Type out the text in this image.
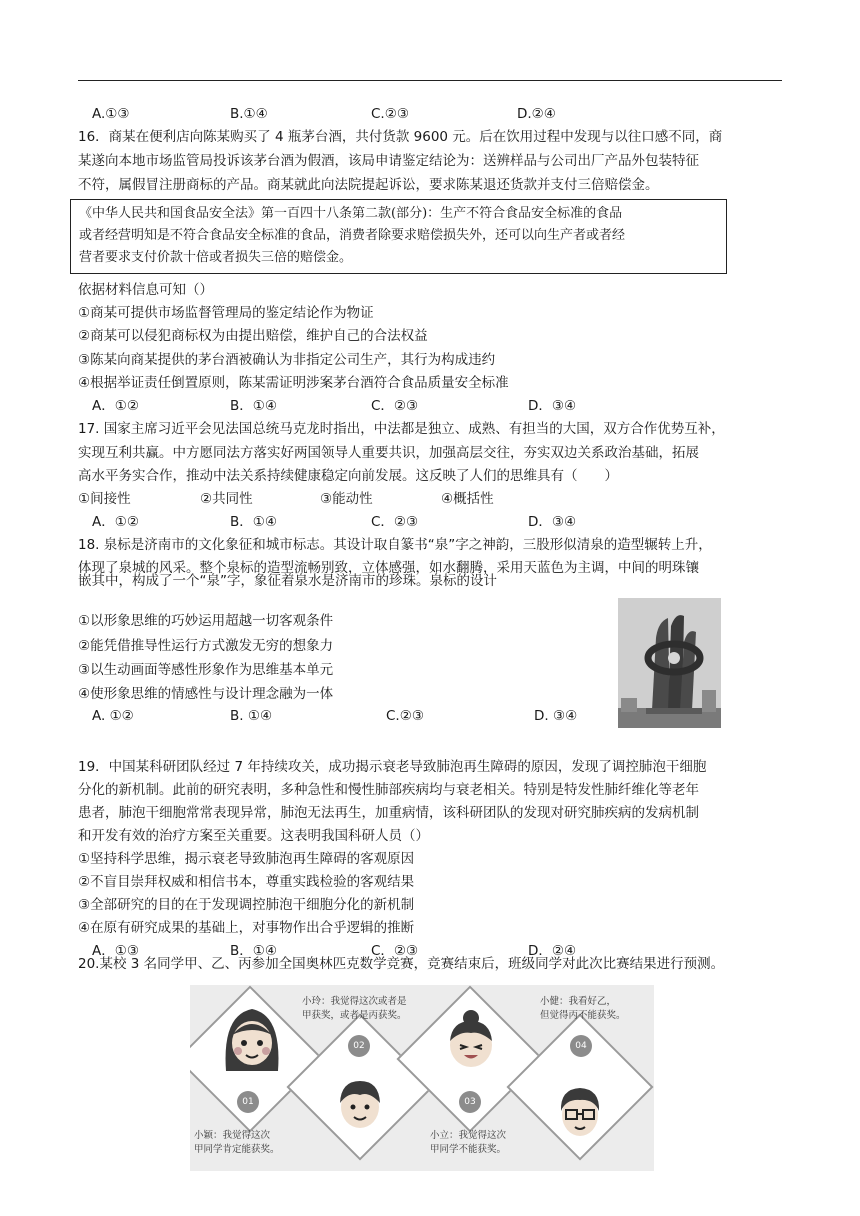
A.①③	B.①④	C.②③	D.②④
16．商某在便利店向陈某购买了 4 瓶茅台酒，共付货款 9600 元。后在饮用过程中发现与以往口感不同，商
某遂向本地市场监管局投诉该茅台酒为假酒，该局申请鉴定结论为：送辨样品与公司出厂产品外包装特征
不符，属假冒注册商标的产品。商某就此向法院提起诉讼，要求陈某退还货款并支付三倍赔偿金。
《中华人民共和国食品安全法》第一百四十八条第二款(部分)：生产不符合食品安全标准的食品
或者经营明知是不符合食品安全标准的食品，消费者除要求赔偿损失外，还可以向生产者或者经
营者要求支付价款十倍或者损失三倍的赔偿金。
依据材料信息可知（）
①商某可提供市场监督管理局的鉴定结论作为物证
②商某可以侵犯商标权为由提出赔偿，维护自己的合法权益
③陈某向商某提供的茅台酒被确认为非指定公司生产，其行为构成违约
④根据举证责任倒置原则，陈某需证明涉案茅台酒符合食品质量安全标准
A．①②	B．①④	C．②③	D．③④
17. 国家主席习近平会见法国总统马克龙时指出，中法都是独立、成熟、有担当的大国，双方合作优势互补，
实现互利共赢。中方愿同法方落实好两国领导人重要共识，加强高层交往，夯实双边关系政治基础，拓展
高水平务实合作，推动中法关系持续健康稳定向前发展。这反映了人们的思维具有（　　）
①间接性	②共同性	③能动性	④概括性
A．①②	B．①④	C．②③	D．③④
18. 泉标是济南市的文化象征和城市标志。其设计取自篆书“泉”字之神韵，三股形似清泉的造型辗转上升，
体现了泉城的风采。整个泉标的造型流畅别致，立体感强，如水翻腾，采用天蓝色为主调，中间的明珠镶
嵌其中，构成了一个“泉”字，象征着泉水是济南市的珍珠。泉标的设计
①以形象思维的巧妙运用超越一切客观条件
②能凭借推导性运行方式激发无穷的想象力
③以生动画面等感性形象作为思维基本单元
④使形象思维的情感性与设计理念融为一体
A. ①②	B. ①④	C.②③	D. ③④
19．中国某科研团队经过 7 年持续攻关，成功揭示衰老导致肺泡再生障碍的原因，发现了调控肺泡干细胞
分化的新机制。此前的研究表明，多种急性和慢性肺部疾病均与衰老相关。特别是特发性肺纤维化等老年
患者，肺泡干细胞常常表现异常，肺泡无法再生，加重病情，该科研团队的发现对研究肺疾病的发病机制
和开发有效的治疗方案至关重要。这表明我国科研人员（）
①坚持科学思维，揭示衰老导致肺泡再生障碍的客观原因
②不盲目崇拜权威和相信书本，尊重实践检验的客观结果
③全部研究的目的在于发现调控肺泡干细胞分化的新机制
④在原有研究成果的基础上，对事物作出合乎逻辑的推断
A．①③	B．①④	C．②③	D．②④
20.某校 3 名同学甲、乙、丙参加全国奥林匹克数学竞赛，竞赛结束后，班级同学对此次比赛结果进行预测。
01
02
03
04
小颖：我觉得这次
甲同学肯定能获奖。
小玲：我觉得这次或者是
甲获奖，或者是丙获奖。
小立：我觉得这次
甲同学不能获奖。
小健：我看好乙，
但觉得丙不能获奖。
